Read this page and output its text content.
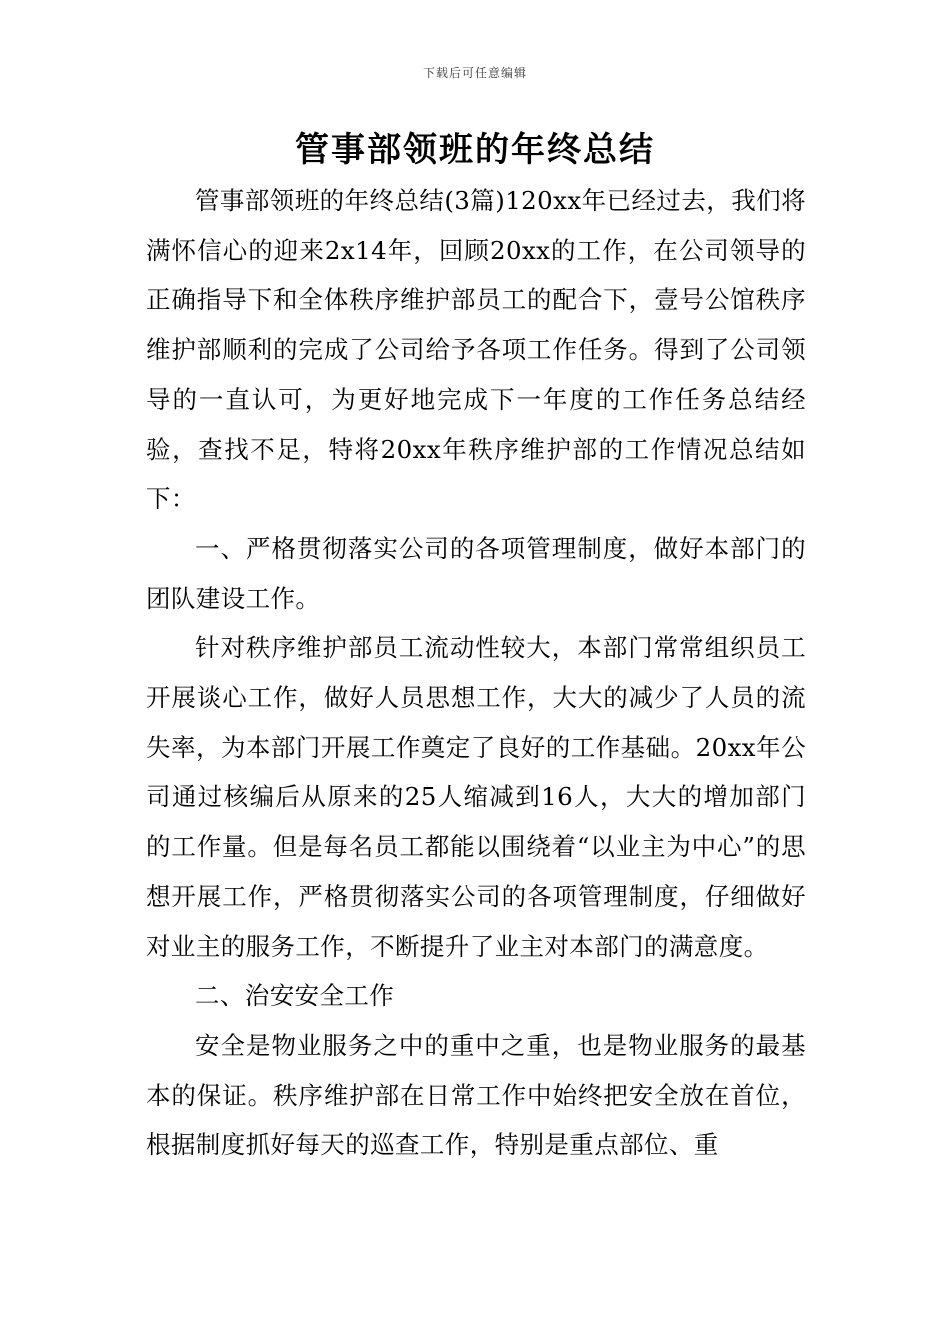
下载后可任意编辑
管事部领班的年终总结

管事部领班的年终总结(3篇)120xx年已经过去，我们将满怀信心的迎来2x14年，回顾20xx的工作，在公司领导的正确指导下和全体秩序维护部员工的配合下，壹号公馆秩序维护部顺利的完成了公司给予各项工作任务。得到了公司领导的一直认可，为更好地完成下一年度的工作任务总结经验，查找不足，特将20xx年秩序维护部的工作情况总结如下：

一、严格贯彻落实公司的各项管理制度，做好本部门的团队建设工作。

针对秩序维护部员工流动性较大，本部门常常组织员工开展谈心工作，做好人员思想工作，大大的减少了人员的流失率，为本部门开展工作奠定了良好的工作基础。20xx年公司通过核编后从原来的25人缩减到16人，大大的增加部门的工作量。但是每名员工都能以围绕着“以业主为中心”的思想开展工作，严格贯彻落实公司的各项管理制度，仔细做好对业主的服务工作，不断提升了业主对本部门的满意度。

二、治安安全工作

安全是物业服务之中的重中之重，也是物业服务的最基本的保证。秩序维护部在日常工作中始终把安全放在首位，根据制度抓好每天的巡查工作，特别是重点部位、重
